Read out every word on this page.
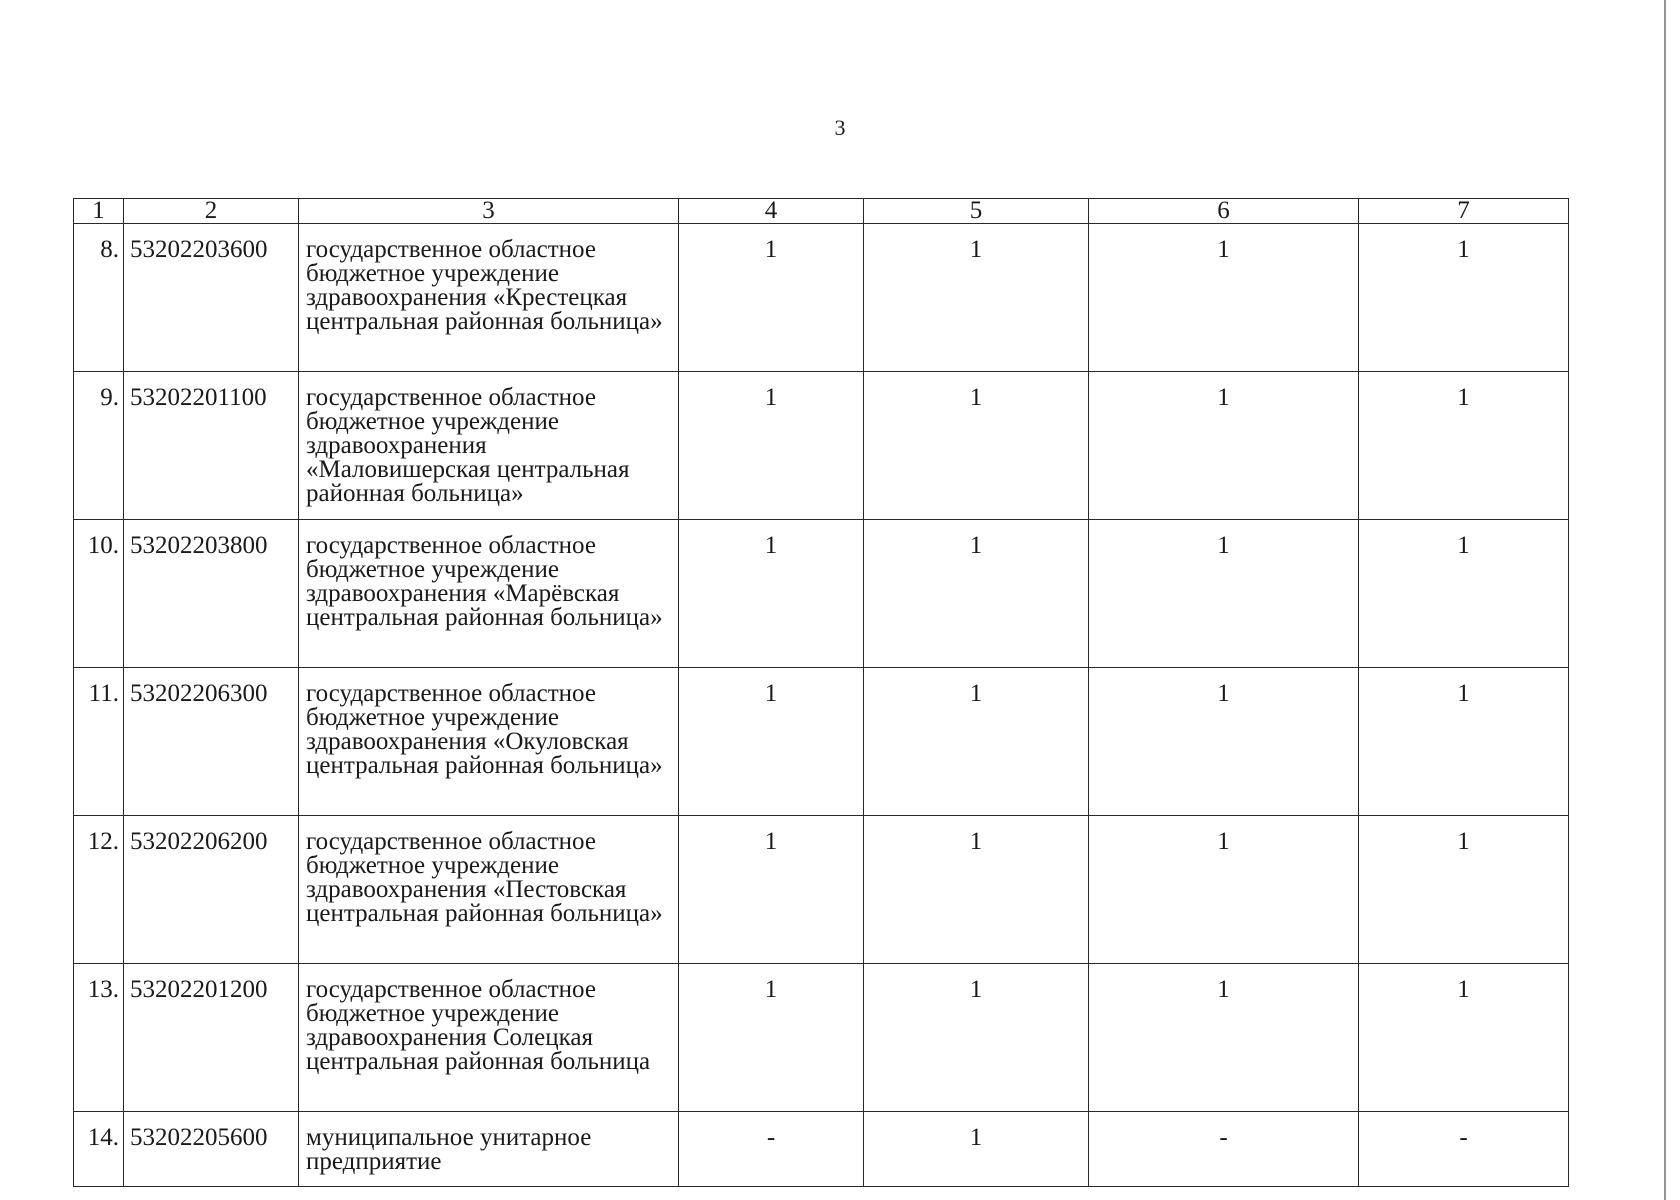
3
1	2	3	4	5	6	7
8.	53202203600	государственное областное бюджетное учреждение здравоохранения «Крестецкая центральная районная больница»	1	1	1	1
9.	53202201100	государственное областное бюджетное учреждение здравоохранения «Маловишерская центральная районная больница»	1	1	1	1
10.	53202203800	государственное областное бюджетное учреждение здравоохранения «Марёвская центральная районная больница»	1	1	1	1
11.	53202206300	государственное областное бюджетное учреждение здравоохранения «Окуловская центральная районная больница»	1	1	1	1
12.	53202206200	государственное областное бюджетное учреждение здравоохранения «Пестовская центральная районная больница»	1	1	1	1
13.	53202201200	государственное областное бюджетное учреждение здравоохранения Солецкая центральная районная больница	1	1	1	1
14.	53202205600	муниципальное унитарное предприятие	-	1	-	-
